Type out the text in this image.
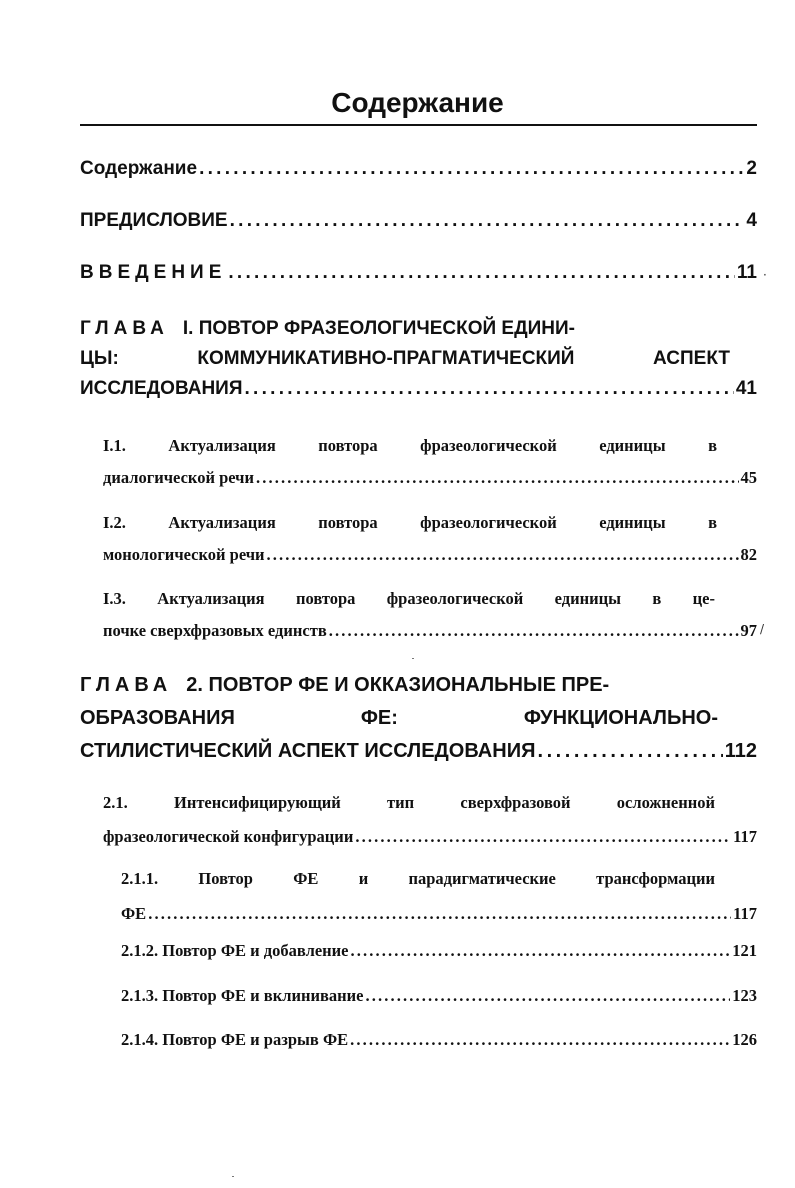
Содержание
Содержание . . .	2
ПРЕДИСЛОВИЕ . . .	4
ВВЕДЕНИЕ . . .	11 ·
ГЛАВА I. ПОВТОР ФРАЗЕОЛОГИЧЕСКОЙ ЕДИНИ-
ЦЫ: КОММУНИКАТИВНО-ПРАГМАТИЧЕСКИЙ АСПЕКТ
ИССЛЕДОВАНИЯ . . .	41
I.1. Актуализация повтора фразеологической единицы в
диалогической речи . . .	45
I.2. Актуализация повтора фразеологической единицы в
монологической речи . . .	82
I.3. Актуализация повтора фразеологической единицы в це-
почке сверхфразовых единств . . .	97 /
ГЛАВА 2. ПОВТОР ФЕ И ОККАЗИОНАЛЬНЫЕ ПРЕ-
ОБРАЗОВАНИЯ ФЕ: ФУНКЦИОНАЛЬНО-
СТИЛИСТИЧЕСКИЙ АСПЕКТ ИССЛЕДОВАНИЯ . . .	112
2.1. Интенсифицирующий тип сверхфразовой осложненной
фразеологической конфигурации . . .	117
2.1.1. Повтор ФЕ и парадигматические трансформации
ФЕ . . .	117
2.1.2. Повтор ФЕ и добавление . . .	121
2.1.3. Повтор ФЕ и вклинивание . . .	123
2.1.4. Повтор ФЕ и разрыв ФЕ . . .	126
